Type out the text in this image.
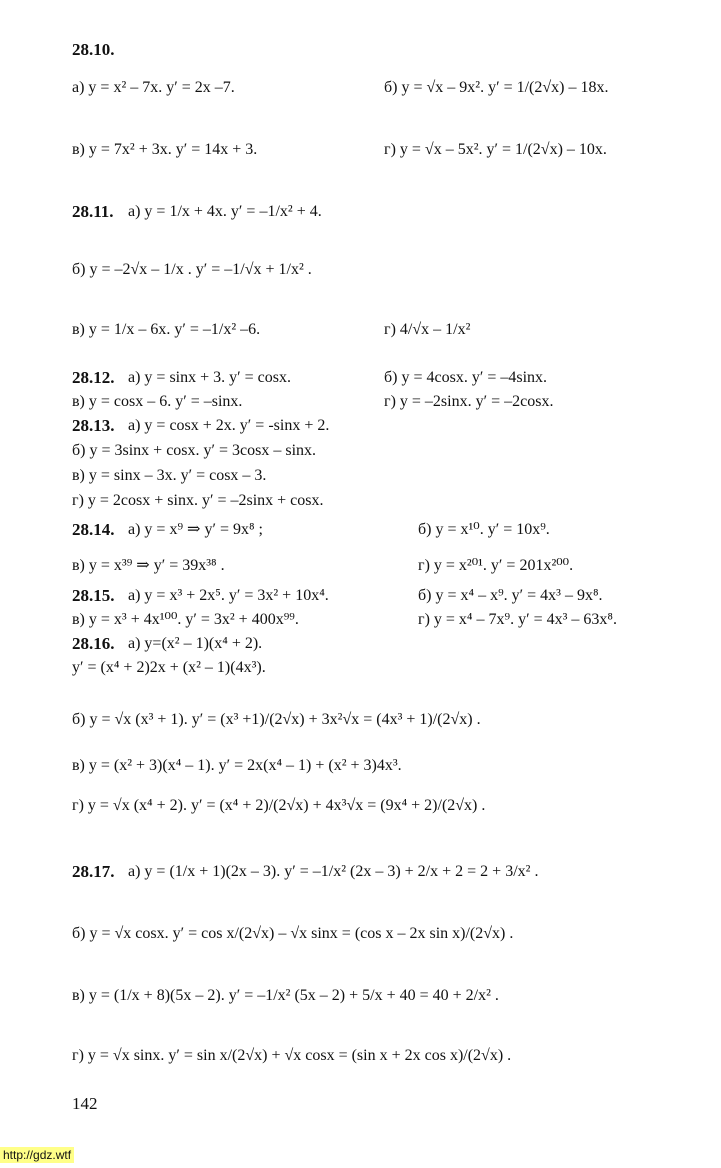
28.10.
а) y = x² – 7x. y′ = 2x –7.	б) y = √x – 9x². y′ = 1/(2√x) – 18x.
в) y = 7x² + 3x. y′ = 14x + 3.	г) y = √x – 5x². y′ = 1/(2√x) – 10x.
28.11. а) y = 1/x + 4x. y′ = –1/x² + 4.
б) y = –2√x – 1/x . y′ = –1/√x + 1/x² .
в) y = 1/x – 6x. y′ = –1/x² –6.	г) 4/√x – 1/x²
28.12. а) y = sinx + 3. y′ = cosx.	б) y = 4cosx. y′ = –4sinx.
в) y = cosx – 6. y′ = –sinx.	г) y = –2sinx. y′ = –2cosx.
28.13. а) y = cosx + 2x. y′ = -sinx + 2.
б) y = 3sinx + cosx. y′ = 3cosx – sinx.
в) y = sinx – 3x. y′ = cosx – 3.
г) y = 2cosx + sinx. y′ = –2sinx + cosx.
28.14. а) y = x⁹ ⇒ y′ = 9x⁸ ;	б) y = x¹⁰. y′ = 10x⁹.
в) y = x³⁹ ⇒ y′ = 39x³⁸ .	г) y = x²⁰¹. y′ = 201x²⁰⁰.
28.15. а) y = x³ + 2x⁵. y′ = 3x² + 10x⁴.	б) y = x⁴ – x⁹. y′ = 4x³ – 9x⁸.
в) y = x³ + 4x¹⁰⁰. y′ = 3x² + 400x⁹⁹.	г) y = x⁴ – 7x⁹. y′ = 4x³ – 63x⁸.
28.16. а) y=(x² – 1)(x⁴ + 2).
y′ = (x⁴ + 2)2x + (x² – 1)(4x³).
б) y = √x (x³ + 1). y′ = (x³ +1)/(2√x) + 3x²√x = (4x³ + 1)/(2√x) .
в) y = (x² + 3)(x⁴ – 1). y′ = 2x(x⁴ – 1) + (x² + 3)4x³.
г) y = √x (x⁴ + 2). y′ = (x⁴ + 2)/(2√x) + 4x³√x = (9x⁴ + 2)/(2√x) .
28.17. а) y = (1/x + 1)(2x – 3). y′ = –1/x² (2x – 3) + 2/x + 2 = 2 + 3/x² .
б) y = √x cosx. y′ = cos x/(2√x) – √x sinx = (cos x – 2x sin x)/(2√x) .
в) y = (1/x + 8)(5x – 2). y′ = –1/x² (5x – 2) + 5/x + 40 = 40 + 2/x² .
г) y = √x sinx. y′ = sin x/(2√x) + √x cosx = (sin x + 2x cos x)/(2√x) .
142
http://gdz.wtf
